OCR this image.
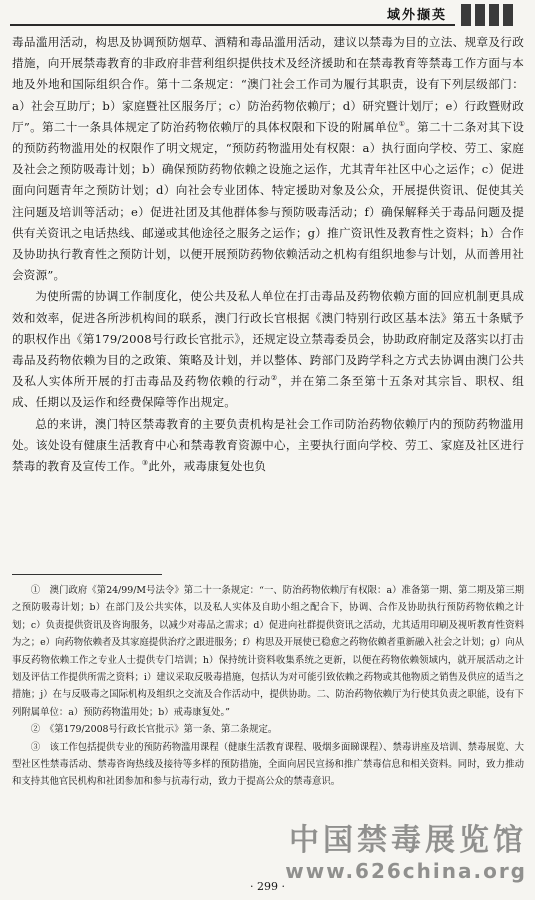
域外撷英

毒品滥用活动，构思及协调预防烟草、酒精和毒品滥用活动，建议以禁毒为目的立法、规章及行政措施，向开展禁毒教育的非政府非营利组织提供技术及经济援助和在禁毒教育等禁毒工作方面与本地及外地和国际组织合作。第十二条规定：“澳门社会工作司为履行其职责，设有下列层级部门：a）社会互助厅；b）家庭暨社区服务厅；c）防治药物依赖厅；d）研究暨计划厅；e）行政暨财政厅”。第二十一条具体规定了防治药物依赖厅的具体权限和下设的附属单位①。第二十二条对其下设的预防药物滥用处的权限作了明文规定，“预防药物滥用处有权限：a）执行面向学校、劳工、家庭及社会之预防吸毒计划；b）确保预防药物依赖之设施之运作，尤其青年社区中心之运作；c）促进面向问题青年之预防计划；d）向社会专业团体、特定援助对象及公众，开展提供资讯、促使其关注问题及培训等活动；e）促进社团及其他群体参与预防吸毒活动；f）确保解释关于毒品问题及提供有关资讯之电话热线、邮递或其他途径之服务之运作；g）推广资讯性及教育性之资料；h）合作及协助执行教育性之预防计划，以便开展预防药物依赖活动之机构有组织地参与计划，从而善用社会资源”。

为使所需的协调工作制度化，使公共及私人单位在打击毒品及药物依赖方面的回应机制更具成效和效率，促进各所涉机构间的联系，澳门行政长官根据《澳门特别行政区基本法》第五十条赋予的职权作出《第179/2008号行政长官批示》，还规定设立禁毒委员会，协助政府制定及落实以打击毒品及药物依赖为目的之政策、策略及计划，并以整体、跨部门及跨学科之方式去协调由澳门公共及私人实体所开展的打击毒品及药物依赖的行动②，并在第二条至第十五条对其宗旨、职权、组成、任期以及运作和经费保障等作出规定。

总的来讲，澳门特区禁毒教育的主要负责机构是社会工作司防治药物依赖厅内的预防药物滥用处。该处设有健康生活教育中心和禁毒教育资源中心，主要执行面向学校、劳工、家庭及社区进行禁毒的教育及宣传工作。③此外，戒毒康复处也负

①　澳门政府《第24/99/M号法令》第二十一条规定：“一、防治药物依赖厅有权限：a）准备第一期、第二期及第三期之预防吸毒计划；b）在部门及公共实体，以及私人实体及自助小组之配合下，协调、合作及协助执行预防药物依赖之计划；c）负责提供资讯及咨询服务，以减少对毒品之需求；d）促进向社群提供资讯之活动，尤其适用印刷及视听教育性资料为之；e）向药物依赖者及其家庭提供治疗之跟进服务；f）构思及开展使已稳愈之药物依赖者重新融入社会之计划；g）向从事反药物依赖工作之专业人士提供专门培训；h）保持统计资料收集系统之更新，以便在药物依赖领域内，就开展活动之计划及评估工作提供所需之资料；i）建议采取反吸毒措施，包括认为对可能引致依赖之药物或其他物质之销售及供应的适当之措施；j）在与反吸毒之国际机构及组织之交流及合作活动中，提供协助。二、防治药物依赖厅为行使其负责之职能，设有下列附属单位：a）预防药物滥用处；b）戒毒康复处。”

②　《第179/2008号行政长官批示》第一条、第二条规定。

③　该工作包括提供专业的预防药物滥用课程（健康生活教育课程、吸烟多面睇课程）、禁毒讲座及培训、禁毒展览、大型社区性禁毒活动、禁毒咨询热线及接待等多样的预防措施，全面向居民宣扬和推广禁毒信息和相关资料。同时，致力推动和支持其他官民机构和社团参加和参与抗毒行动，致力于提高公众的禁毒意识。

中国禁毒展览馆
www.626china.org
· 299 ·
